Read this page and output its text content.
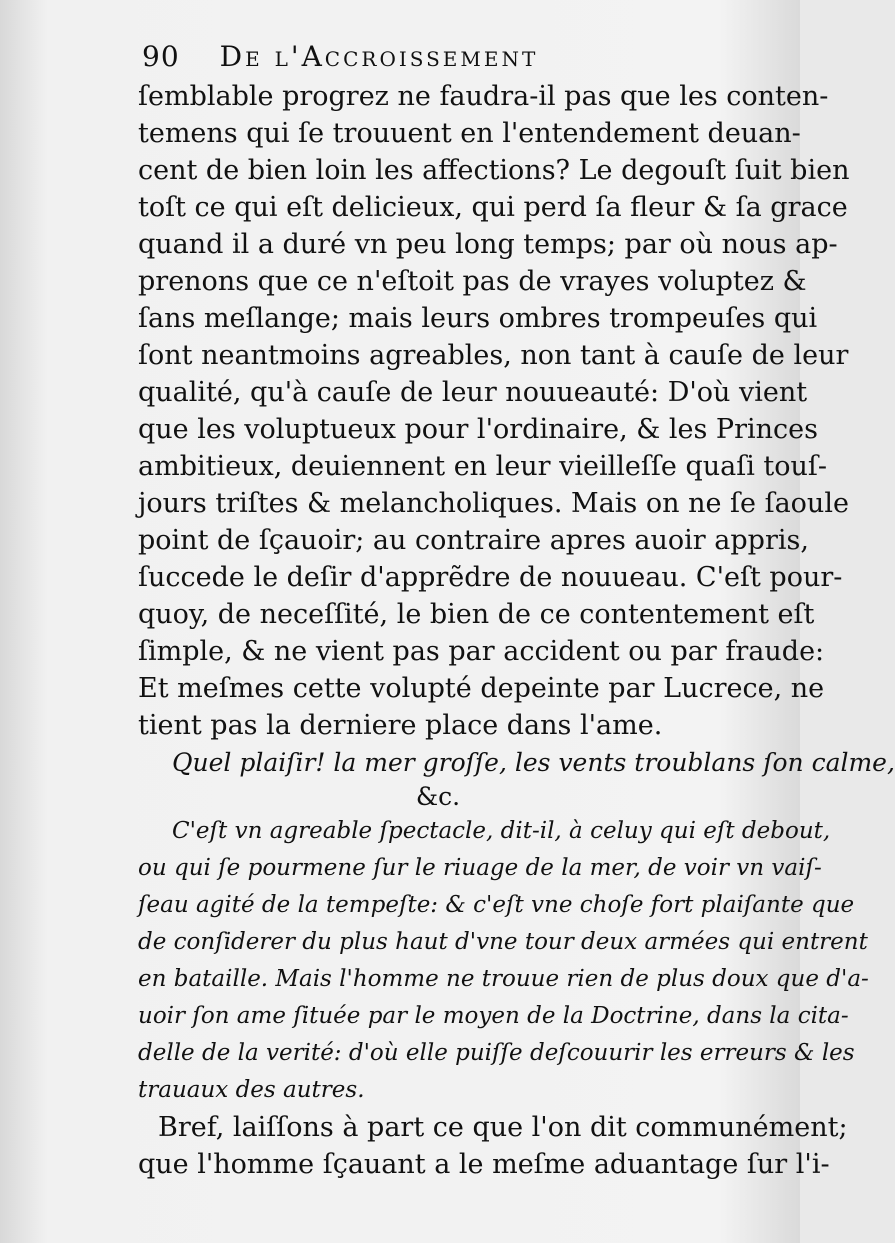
90 De l'Accroissement
ſemblable progrez ne faudra-il pas que les conten-
temens qui ſe trouuent en l'entendement deuan-
cent de bien loin les affections? Le degouſt ſuit bien
toſt ce qui eſt delicieux, qui perd ſa fleur & ſa grace
quand il a duré vn peu long temps; par où nous ap-
prenons que ce n'eſtoit pas de vrayes voluptez &
ſans meſlange; mais leurs ombres trompeuſes qui
ſont neantmoins agreables, non tant à cauſe de leur
qualité, qu'à cauſe de leur nouueauté: D'où vient
que les voluptueux pour l'ordinaire, & les Princes
ambitieux, deuiennent en leur vieilleſſe quaſi touſ-
jours triſtes & melancholiques. Mais on ne ſe ſaoule
point de ſçauoir; au contraire apres auoir appris,
ſuccede le deſir d'apprẽdre de nouueau. C'eſt pour-
quoy, de neceſſité, le bien de ce contentement eſt
ſimple, & ne vient pas par accident ou par fraude:
Et meſmes cette volupté depeinte par Lucrece, ne
tient pas la derniere place dans l'ame.
Quel plaiſir! la mer groſſe, les vents troublans ſon calme,
&c.
C'eſt vn agreable ſpectacle, dit-il, à celuy qui eſt debout,
ou qui ſe pourmene ſur le riuage de la mer, de voir vn vaiſ-
ſeau agité de la tempeſte: & c'eſt vne choſe fort plaiſante que
de conſiderer du plus haut d'vne tour deux armées qui entrent
en bataille. Mais l'homme ne trouue rien de plus doux que d'a-
uoir ſon ame ſituée par le moyen de la Doctrine, dans la cita-
delle de la verité: d'où elle puiſſe deſcouurir les erreurs & les
trauaux des autres.
Bref, laiſſons à part ce que l'on dit communément;
que l'homme ſçauant a le meſme aduantage ſur l'i-
